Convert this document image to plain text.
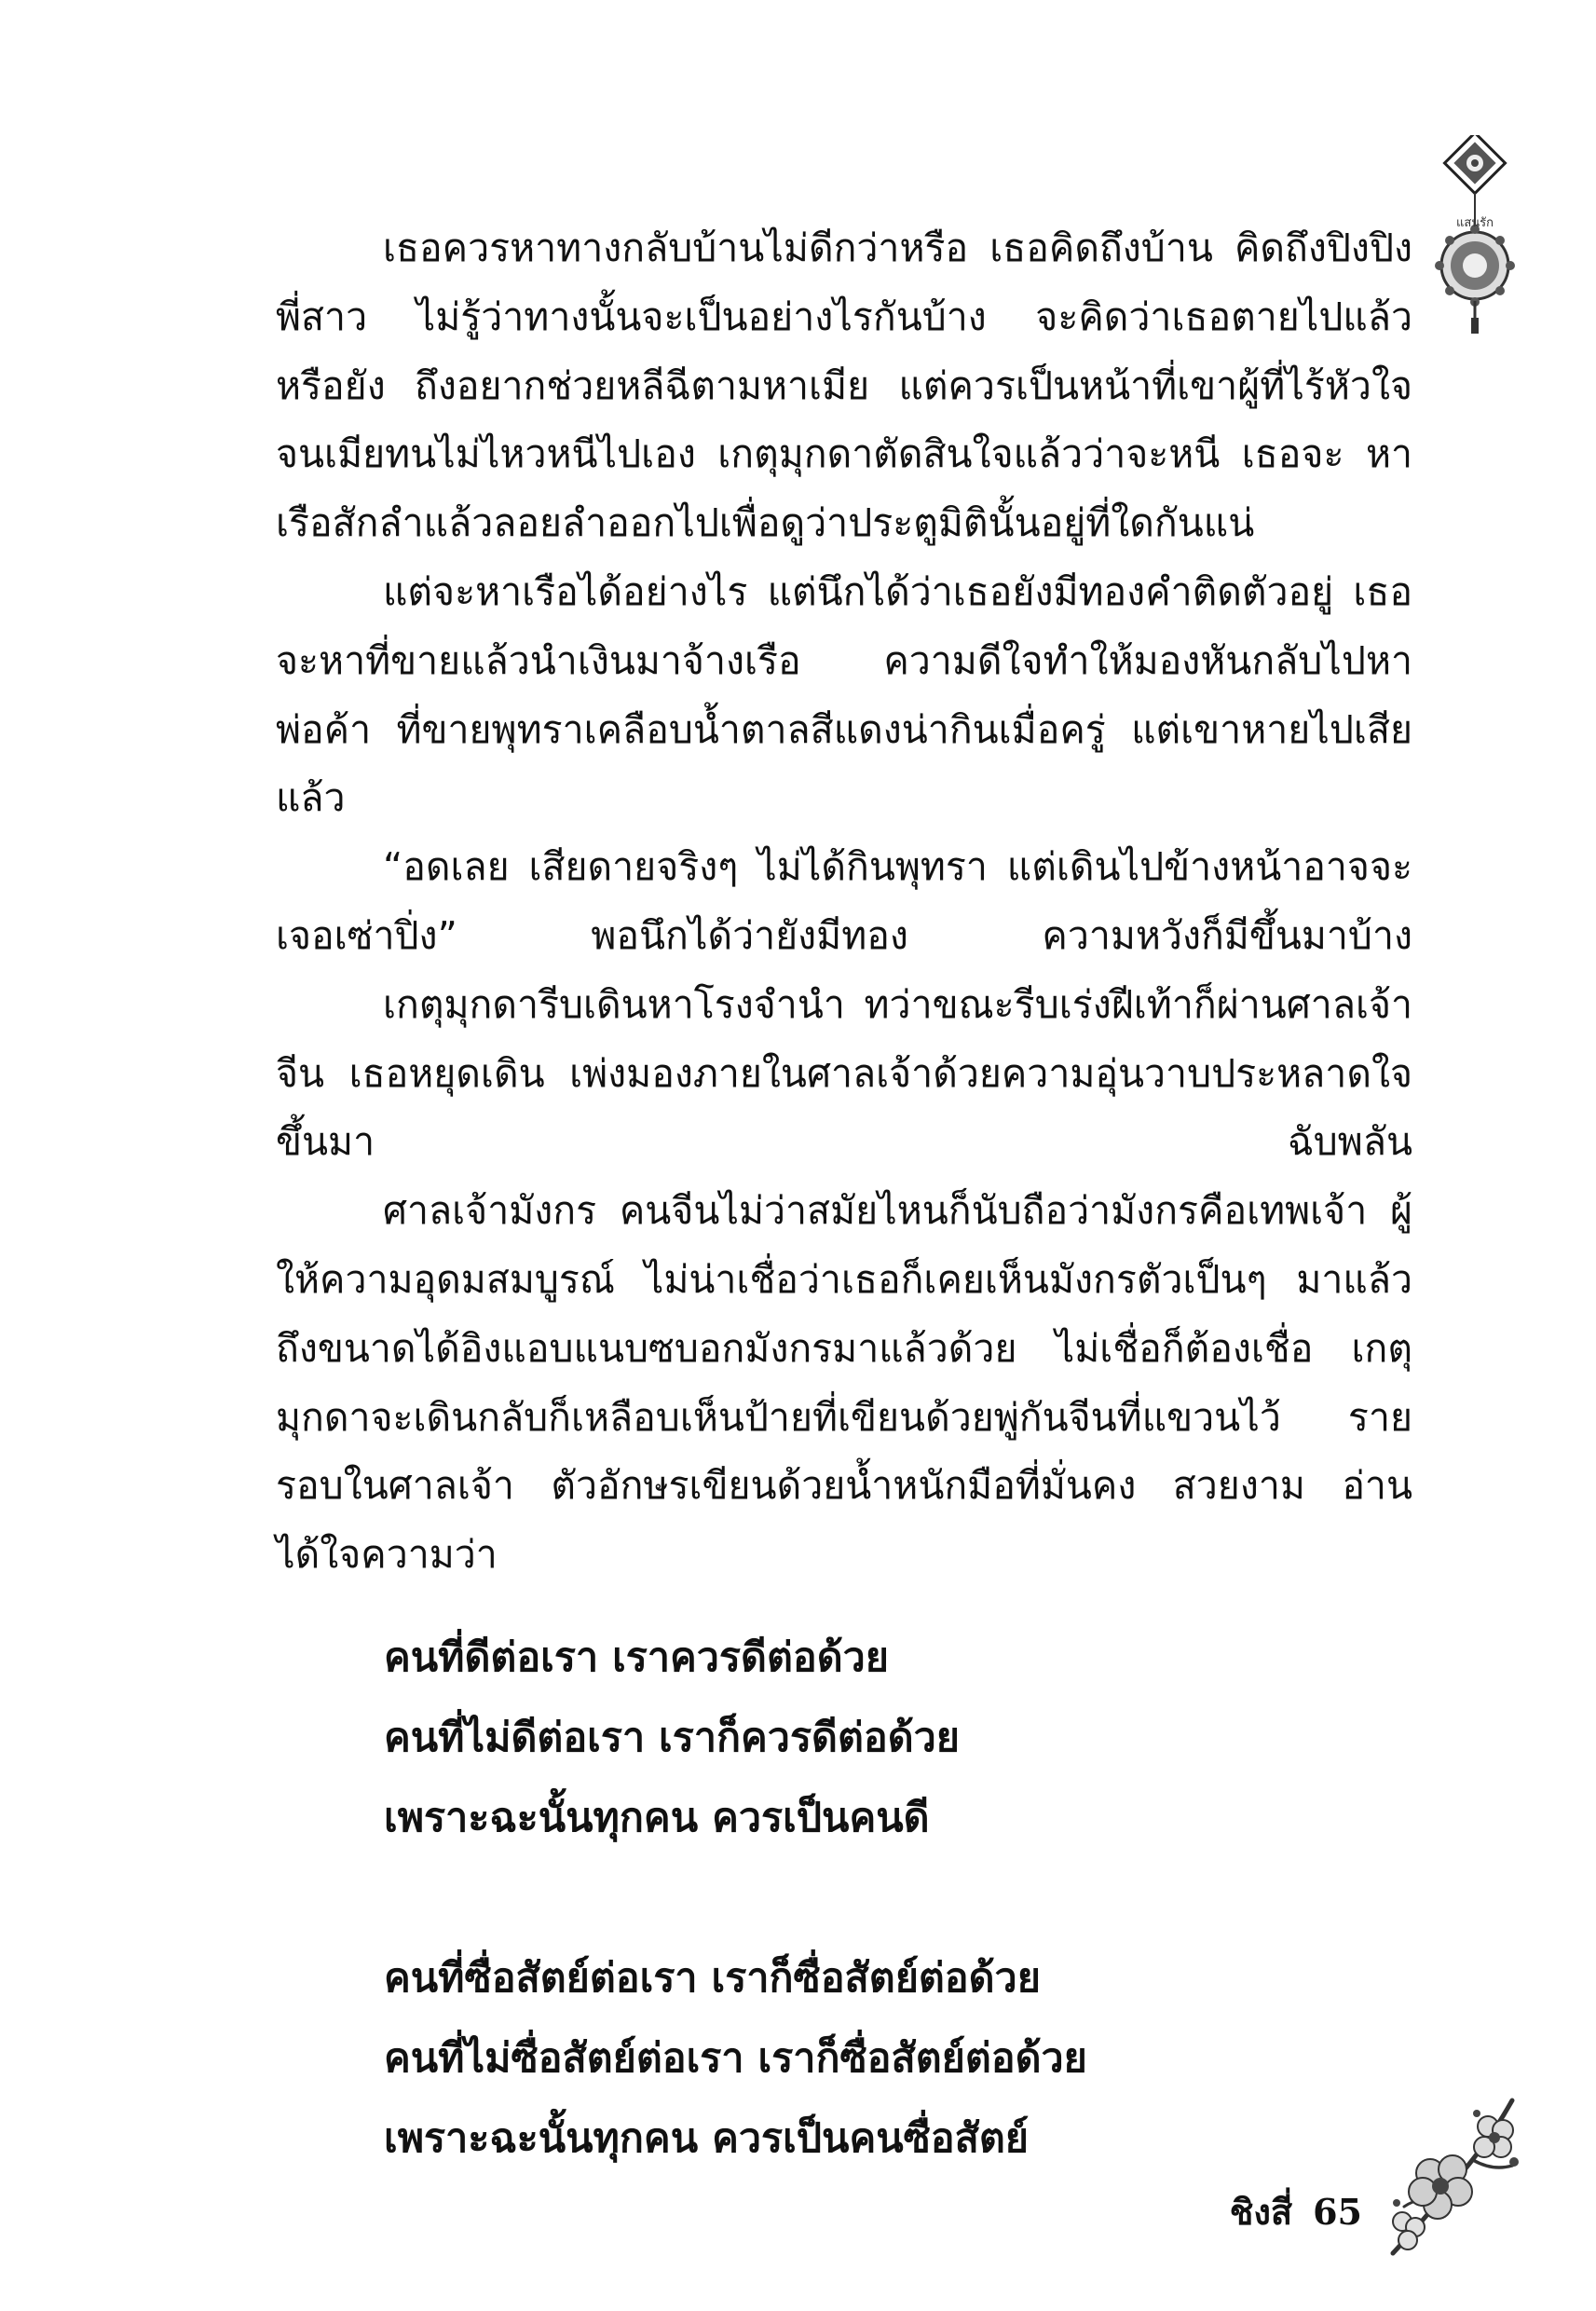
แสนรัก

เธอควรหาทางกลับบ้านไม่ดีกว่าหรือ เธอคิดถึงบ้าน คิดถึงปิงปิง พี่สาว ไม่รู้ว่าทางนั้นจะเป็นอย่างไรกันบ้าง จะคิดว่าเธอตายไปแล้ว หรือยัง ถึงอยากช่วยหลีฉีตามหาเมีย แต่ควรเป็นหน้าที่เขาผู้ที่ไร้หัวใจ จนเมียทนไม่ไหวหนีไปเอง เกตุมุกดาตัดสินใจแล้วว่าจะหนี เธอจะ หาเรือสักลำแล้วลอยลำออกไปเพื่อดูว่าประตูมิตินั้นอยู่ที่ใดกันแน่

แต่จะหาเรือได้อย่างไร แต่นึกได้ว่าเธอยังมีทองคำติดตัวอยู่ เธอ จะหาที่ขายแล้วนำเงินมาจ้างเรือ ความดีใจทำให้มองหันกลับไปหาพ่อค้า ที่ขายพุทราเคลือบน้ำตาลสีแดงน่ากินเมื่อครู่ แต่เขาหายไปเสียแล้ว

“อดเลย เสียดายจริงๆ ไม่ได้กินพุทรา แต่เดินไปข้างหน้าอาจจะ เจอเซ่าปิ่ง” พอนึกได้ว่ายังมีทอง ความหวังก็มีขึ้นมาบ้าง

เกตุมุกดารีบเดินหาโรงจำนำ ทว่าขณะรีบเร่งฝีเท้าก็ผ่านศาลเจ้าจีน เธอหยุดเดิน เพ่งมองภายในศาลเจ้าด้วยความอุ่นวาบประหลาดใจขึ้นมา	ฉับพลัน

ศาลเจ้ามังกร คนจีนไม่ว่าสมัยไหนก็นับถือว่ามังกรคือเทพเจ้า ผู้ให้ความอุดมสมบูรณ์ ไม่น่าเชื่อว่าเธอก็เคยเห็นมังกรตัวเป็นๆ มาแล้ว ถึงขนาดได้อิงแอบแนบซบอกมังกรมาแล้วด้วย ไม่เชื่อก็ต้องเชื่อ เกตุมุกดาจะเดินกลับก็เหลือบเห็นป้ายที่เขียนด้วยพู่กันจีนที่แขวนไว้ รายรอบในศาลเจ้า ตัวอักษรเขียนด้วยน้ำหนักมือที่มั่นคง สวยงาม อ่านได้ใจความว่า

คนที่ดีต่อเรา เราควรดีต่อด้วย
คนที่ไม่ดีต่อเรา เราก็ควรดีต่อด้วย
เพราะฉะนั้นทุกคน ควรเป็นคนดี
คนที่ซื่อสัตย์ต่อเรา เราก็ซื่อสัตย์ต่อด้วย
คนที่ไม่ซื่อสัตย์ต่อเรา เราก็ซื่อสัตย์ต่อด้วย
เพราะฉะนั้นทุกคน ควรเป็นคนซื่อสัตย์
ชิงสี่ 65
